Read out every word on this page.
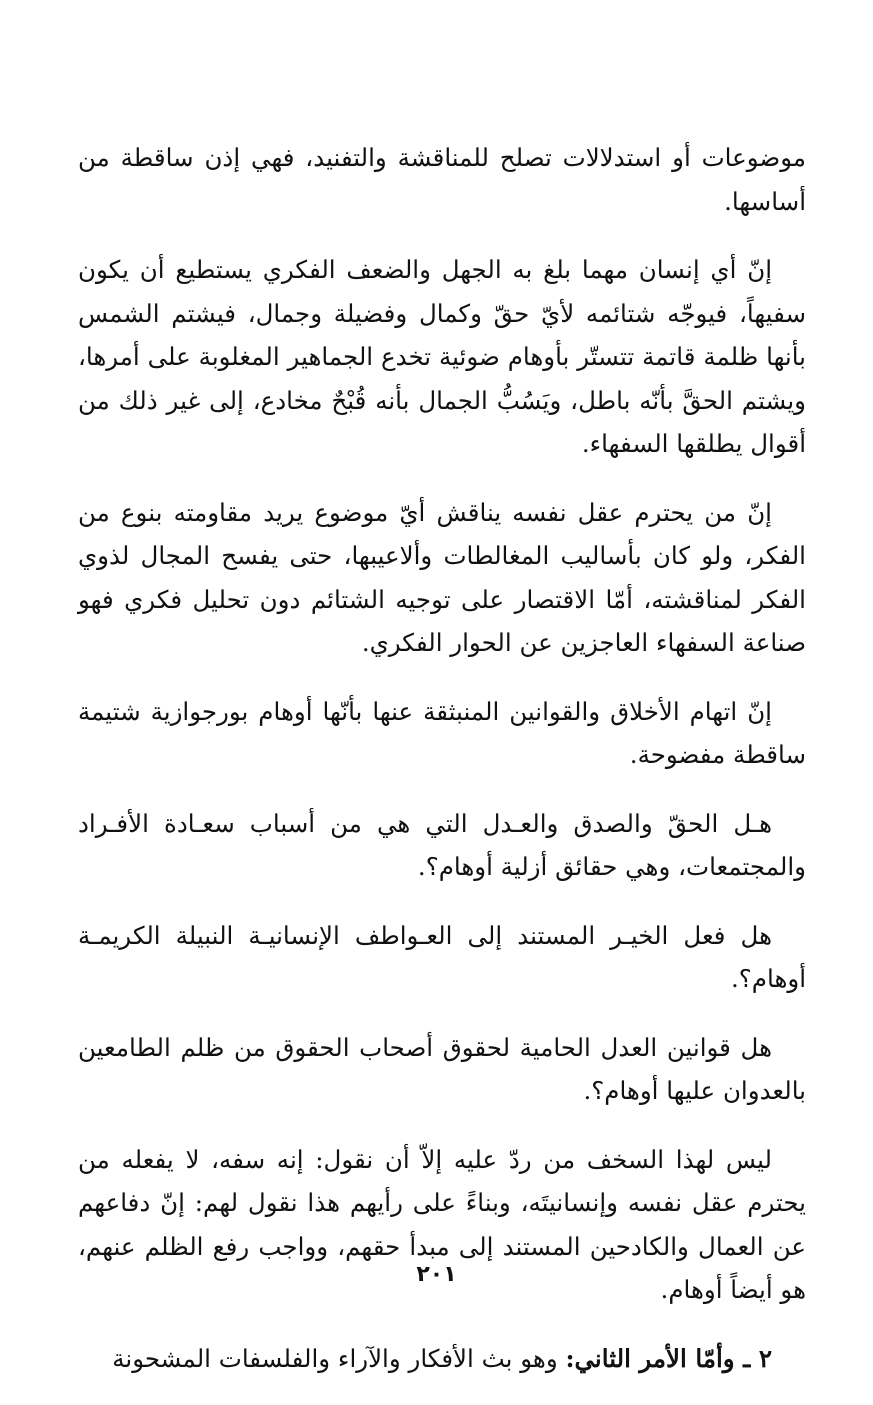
موضوعات أو استدلالات تصلح للمناقشة والتفنيد، فهي إذن ساقطة من أساسها.

إنّ أي إنسان مهما بلغ به الجهل والضعف الفكري يستطيع أن يكون سفيهاً، فيوجّه شتائمه لأيّ حقّ وكمال وفضيلة وجمال، فيشتم الشمس بأنها ظلمة قاتمة تتستّر بأوهام ضوئية تخدع الجماهير المغلوبة على أمرها، ويشتم الحقَّ بأنّه باطل، ويَسُبُّ الجمال بأنه قُبْحٌ مخادع، إلى غير ذلك من أقوال يطلقها السفهاء.

إنّ من يحترم عقل نفسه يناقش أيّ موضوع يريد مقاومته بنوع من الفكر، ولو كان بأساليب المغالطات وألاعيبها، حتى يفسح المجال لذوي الفكر لمناقشته، أمّا الاقتصار على توجيه الشتائم دون تحليل فكري فهو صناعة السفهاء العاجزين عن الحوار الفكري.

إنّ اتهام الأخلاق والقوانين المنبثقة عنها بأنّها أوهام بورجوازية شتيمة ساقطة مفضوحة.

هـل الحقّ والصدق والعـدل التي هي من أسباب سعـادة الأفـراد والمجتمعات، وهي حقائق أزلية أوهام؟.

هل فعل الخيـر المستند إلى العـواطف الإنسانيـة النبيلة الكريمـة أوهام؟.

هل قوانين العدل الحامية لحقوق أصحاب الحقوق من ظلم الطامعين بالعدوان عليها أوهام؟.

ليس لهذا السخف من ردّ عليه إلاّ أن نقول: إنه سفه، لا يفعله من يحترم عقل نفسه وإنسانيتَه، وبناءً على رأيهم هذا نقول لهم: إنّ دفاعهم عن العمال والكادحين المستند إلى مبدأ حقهم، وواجب رفع الظلم عنهم، هو أيضاً أوهام.

٢ ـ وأمّا الأمر الثاني: وهو بث الأفكار والآراء والفلسفات المشحونة

٢٠١
